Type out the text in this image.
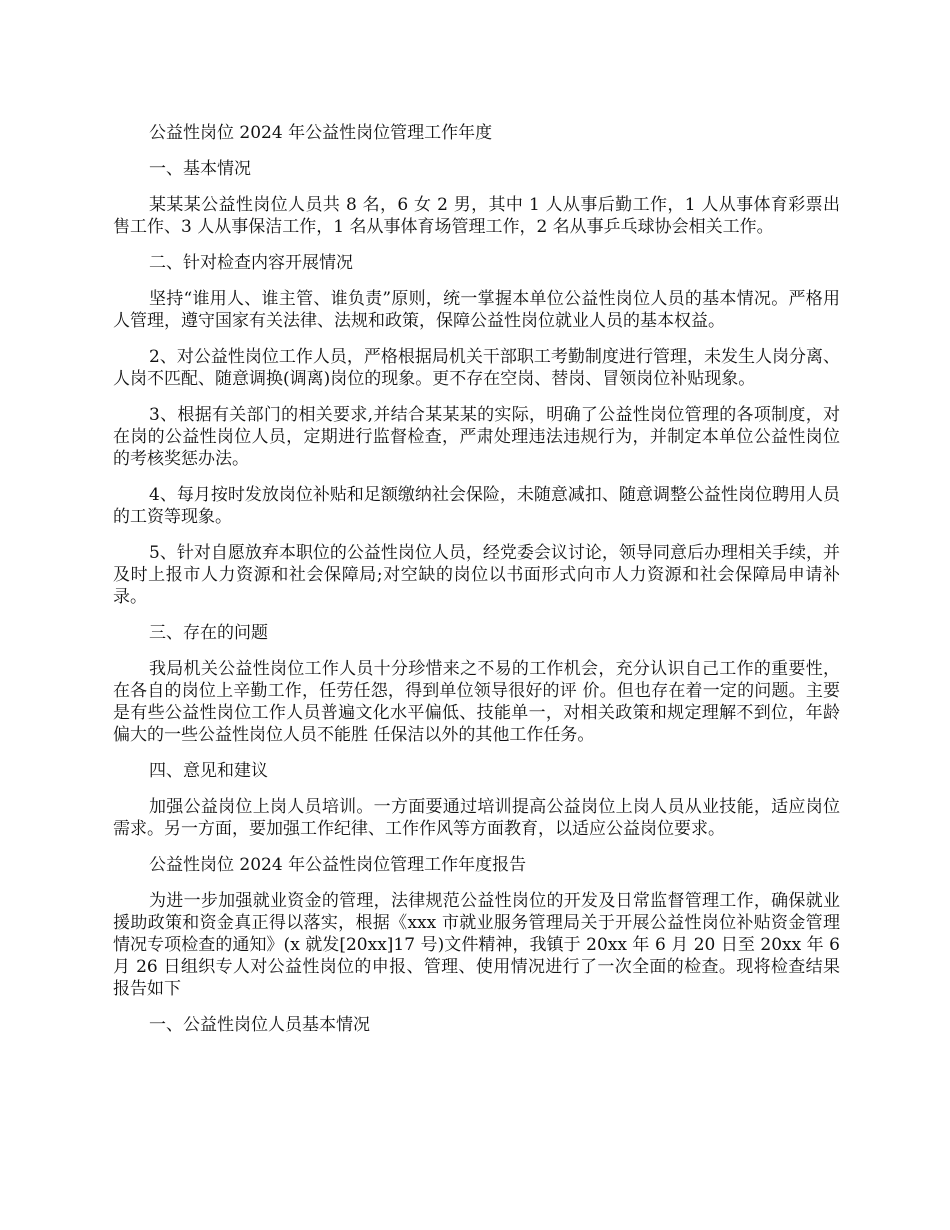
公益性岗位 2024 年公益性岗位管理工作年度

一、基本情况

某某某公益性岗位人员共 8 名，6 女 2 男，其中 1 人从事后勤工作，1 人从事体育彩票出售工作、3 人从事保洁工作，1 名从事体育场管理工作，2 名从事乒乓球协会相关工作。

二、针对检查内容开展情况

坚持“谁用人、谁主管、谁负责”原则，统一掌握本单位公益性岗位人员的基本情况。严格用人管理，遵守国家有关法律、法规和政策，保障公益性岗位就业人员的基本权益。

2、对公益性岗位工作人员，严格根据局机关干部职工考勤制度进行管理，未发生人岗分离、人岗不匹配、随意调换(调离)岗位的现象。更不存在空岗、替岗、冒领岗位补贴现象。

3、根据有关部门的相关要求,并结合某某某的实际，明确了公益性岗位管理的各项制度，对在岗的公益性岗位人员，定期进行监督检查，严肃处理违法违规行为，并制定本单位公益性岗位的考核奖惩办法。

4、每月按时发放岗位补贴和足额缴纳社会保险，未随意减扣、随意调整公益性岗位聘用人员的工资等现象。

5、针对自愿放弃本职位的公益性岗位人员，经党委会议讨论，领导同意后办理相关手续，并及时上报市人力资源和社会保障局;对空缺的岗位以书面形式向市人力资源和社会保障局申请补录。

三、存在的问题

我局机关公益性岗位工作人员十分珍惜来之不易的工作机会，充分认识自己工作的重要性，在各自的岗位上辛勤工作，任劳任怨，得到单位领导很好的评 价。但也存在着一定的问题。主要是有些公益性岗位工作人员普遍文化水平偏低、技能单一，对相关政策和规定理解不到位，年龄偏大的一些公益性岗位人员不能胜 任保洁以外的其他工作任务。

四、意见和建议

加强公益岗位上岗人员培训。一方面要通过培训提高公益岗位上岗人员从业技能，适应岗位需求。另一方面，要加强工作纪律、工作作风等方面教育，以适应公益岗位要求。

公益性岗位 2024 年公益性岗位管理工作年度报告

为进一步加强就业资金的管理，法律规范公益性岗位的开发及日常监督管理工作，确保就业援助政策和资金真正得以落实，根据《xxx 市就业服务管理局关于开展公益性岗位补贴资金管理情况专项检查的通知》(x 就发[20xx]17 号)文件精神，我镇于 20xx 年 6 月 20 日至 20xx 年 6 月 26 日组织专人对公益性岗位的申报、管理、使用情况进行了一次全面的检查。现将检查结果报告如下

一、公益性岗位人员基本情况
